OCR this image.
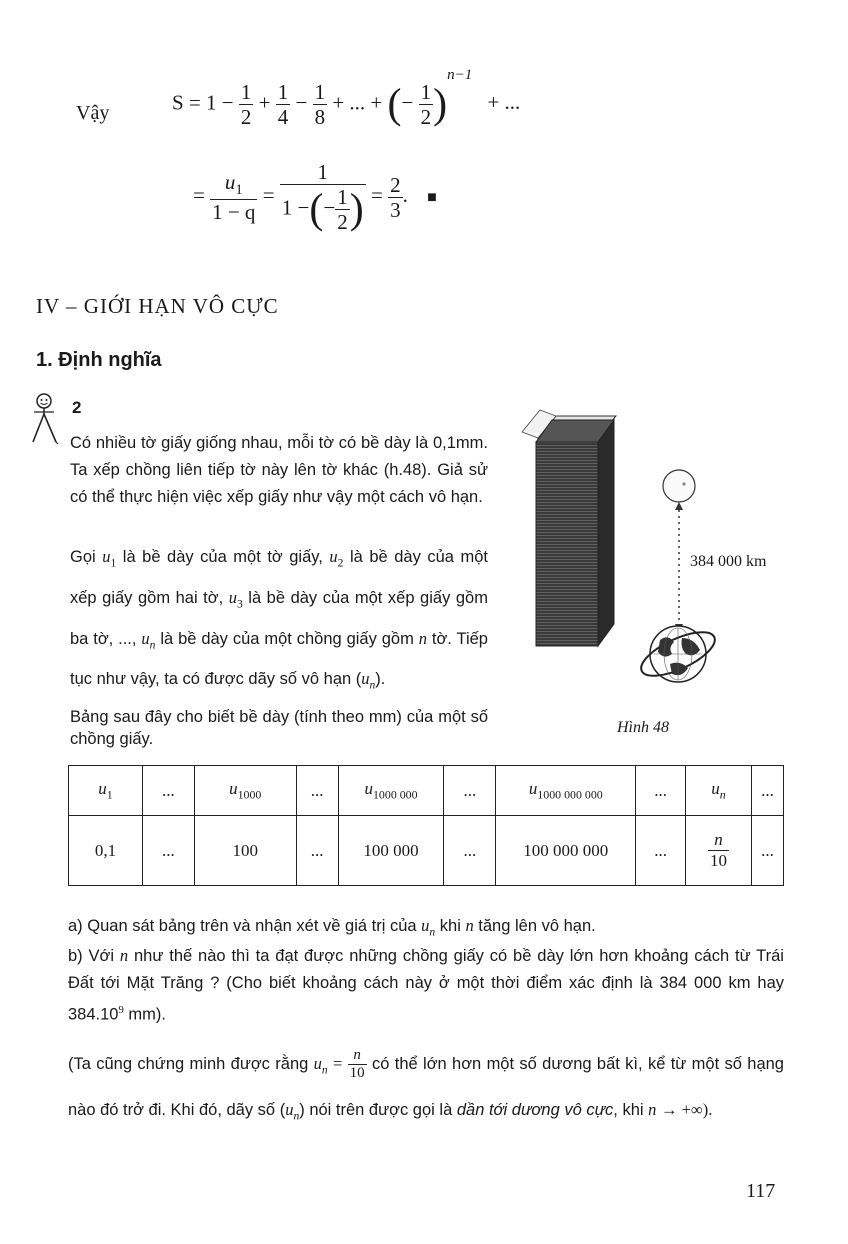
Vậy	$S = 1 - \frac{1}{2} + \frac{1}{4} - \frac{1}{8}$ + ... + (− $\frac{1}{2} )^{n-1}$ + ...
= $\frac{u_1}{1 - q} = \frac{1}{1 -(- \frac{1}{2} )} = \frac{2}{3}$ . ■
IV – GIỚI HẠN VÔ CỰC
1. Định nghĩa
2
Có nhiều tờ giấy giống nhau, mỗi tờ có bề dày là 0,1mm. Ta xếp chồng liên tiếp tờ này lên tờ khác (h.48). Giả sử có thể thực hiện việc xếp giấy như vậy một cách vô hạn.
Gọi $u_1$ là bề dày của một tờ giấy, $u_2$ là bề dày của một xếp giấy gồm hai tờ, $u_3$ là bề dày của một xếp giấy gồm ba tờ, ..., $u_n$ là bề dày của một chồng giấy gồm n tờ. Tiếp tục như vậy, ta có được dãy số vô hạn $(u_n)$.
Bảng sau đây cho biết bề dày (tính theo mm) của một số chồng giấy.
384 000 km
Hình 48
$u_1$	...	$u_{1000}$	...	$u_{1000 000}$	...	$u_{1000 000 000}$	...	$u_n$	...
0,1	...	100	...	100 000	...	100 000 000	...	$\frac{n}{10}$	...
a) Quan sát bảng trên và nhận xét về giá trị của $u_n$ khi n tăng lên vô hạn.
b) Với n như thế nào thì ta đạt được những chồng giấy có bề dày lớn hơn khoảng cách từ Trái Đất tới Mặt Trăng ? (Cho biết khoảng cách này ở một thời điểm xác định là 384 000 km hay 384.10$^9$ mm).
(Ta cũng chứng minh được rằng $u_n = \frac{n}{10}$ có thể lớn hơn một số dương bất kì, kể từ một số hạng nào đó trở đi. Khi đó, dãy số $(u_n)$ nói trên được gọi là dần tới dương vô cực, khi n → +∞).
117
